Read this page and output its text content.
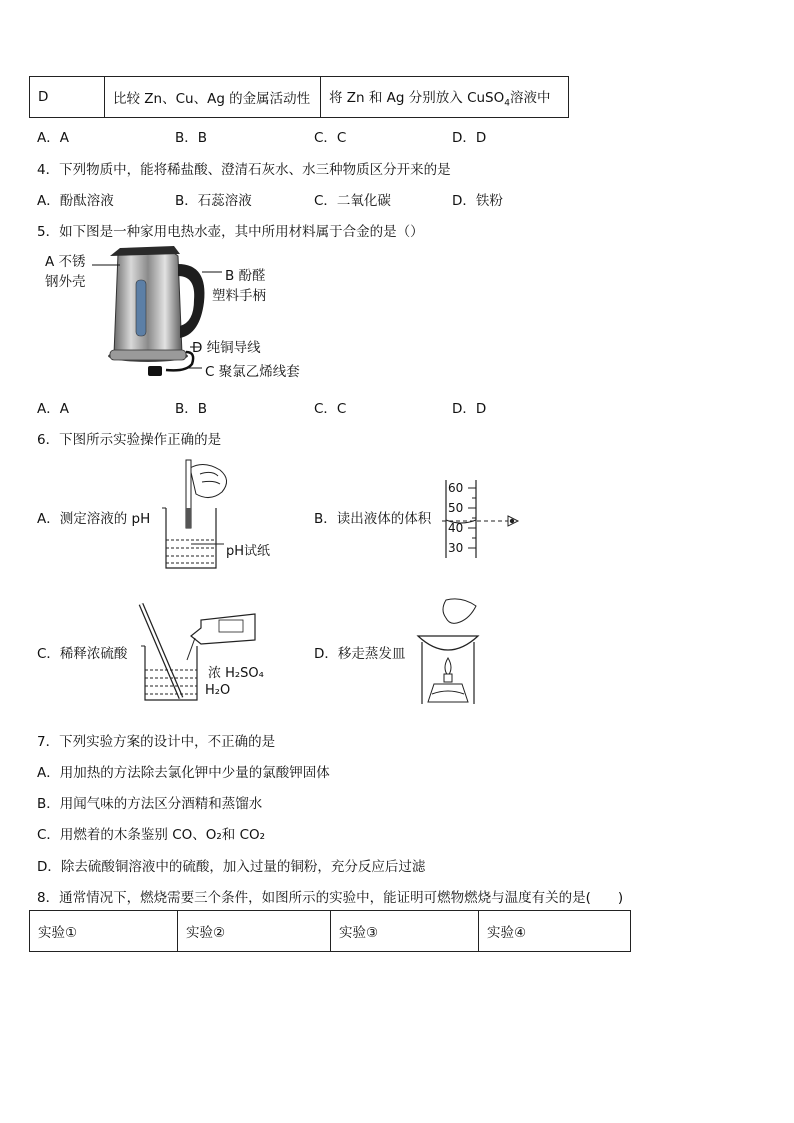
D	比较 Zn、Cu、Ag 的金属活动性	将 Zn 和 Ag 分别放入 CuSO$_4$溶液中
A．A	B．B	C．C	D．D
4．下列物质中，能将稀盐酸、澄清石灰水、水三种物质区分开来的是
A．酚酞溶液	B．石蕊溶液	C．二氧化碳	D．铁粉
5．如下图是一种家用电热水壶，其中所用材料属于合金的是（）
A 不锈
钢外壳	B 酚醛
塑料手柄
D 纯铜导线
C 聚氯乙烯线套
A．A	B．B	C．C	D．D
6．下图所示实验操作正确的是
A．测定溶液的 pH
pH试纸
B．读出液体的体积
60
50
40
30
C．稀释浓硫酸
浓 H₂SO₄
H₂O
D．移走蒸发皿
7．下列实验方案的设计中，不正确的是
A．用加热的方法除去氯化钾中少量的氯酸钾固体
B．用闻气味的方法区分酒精和蒸馏水
C．用燃着的木条鉴别 CO、O₂和 CO₂
D．除去硫酸铜溶液中的硫酸，加入过量的铜粉，充分反应后过滤
8．通常情况下，燃烧需要三个条件，如图所示的实验中，能证明可燃物燃烧与温度有关的是(　　)
实验①	实验②	实验③	实验④
